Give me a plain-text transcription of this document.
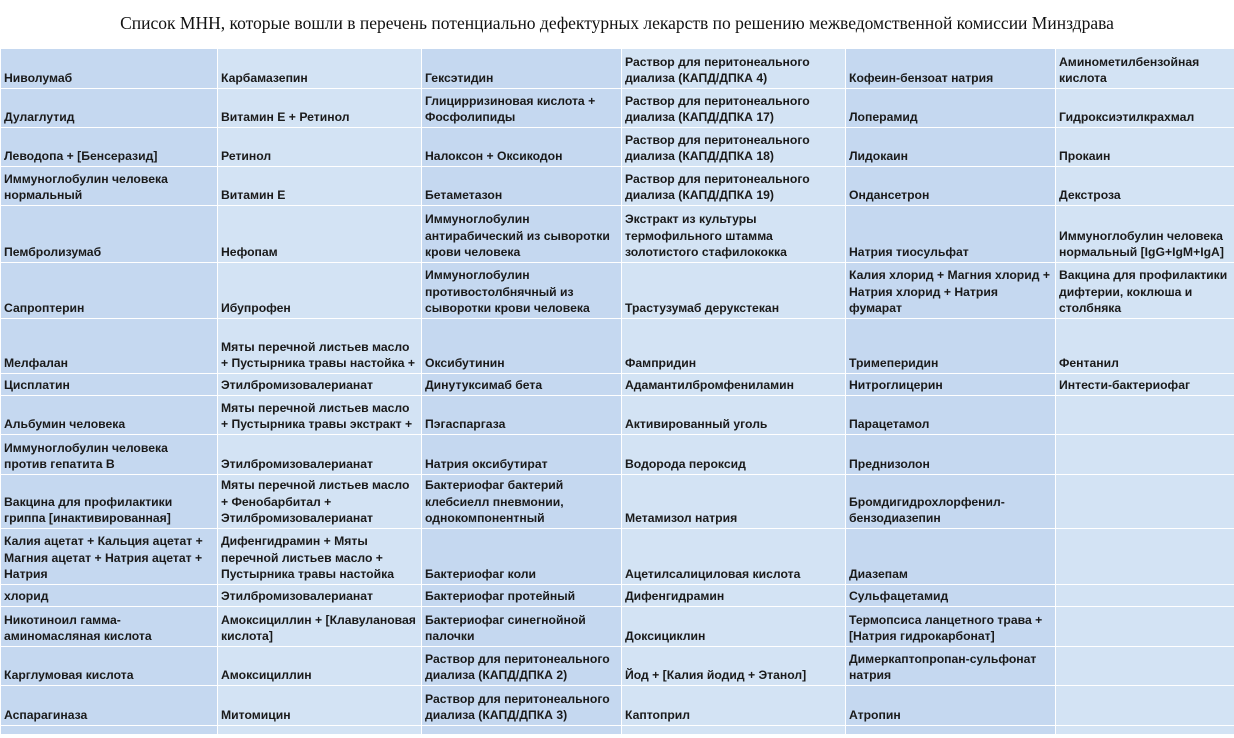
Список МНН, которые вошли в перечень потенциально дефектурных лекарств по решению межведомственной комиссии Минздрава
Ниволумаб	Карбамазепин	Гексэтидин	Раствор для перитонеального диализа (КАПД/ДПКА 4)	Кофеин-бензоат натрия	Аминометилбензойная кислота
Дулаглутид	Витамин Е + Ретинол	Глицирризиновая кислота + Фосфолипиды	Раствор для перитонеального диализа (КАПД/ДПКА 17)	Лоперамид	Гидроксиэтилкрахмал
Леводопа + [Бенсеразид]	Ретинол	Налоксон + Оксикодон	Раствор для перитонеального диализа (КАПД/ДПКА 18)	Лидокаин	Прокаин
Иммуноглобулин человека нормальный	Витамин Е	Бетаметазон	Раствор для перитонеального диализа (КАПД/ДПКА 19)	Ондансетрон	Декстроза
Пембролизумаб	Нефопам	Иммуноглобулин антирабический из сыворотки крови человека	Экстракт из культуры термофильного штамма золотистого стафилококка	Натрия тиосульфат	Иммуноглобулин человека нормальный [IgG+IgM+IgA]
Сапроптерин	Ибупрофен	Иммуноглобулин противостолбнячный из сыворотки крови человека	Трастузумаб дерукстекан	Калия хлорид + Магния хлорид + Натрия хлорид + Натрия фумарат	Вакцина для профилактики дифтерии, коклюша и столбняка
Мелфалан	Мяты перечной листьев масло + Пустырника травы настойка +	Оксибутинин	Фампридин	Тримеперидин	Фентанил
Цисплатин	Этилбромизовалерианат	Динутуксимаб бета	Адамантилбромфениламин	Нитроглицерин	Интести-бактериофаг
Альбумин человека	Мяты перечной листьев масло + Пустырника травы экстракт +	Пэгаспаргаза	Активированный уголь	Парацетамол	
Иммуноглобулин человека против гепатита B	Этилбромизовалерианат	Натрия оксибутират	Водорода пероксид	Преднизолон	
Вакцина для профилактики гриппа [инактивированная]	Мяты перечной листьев масло + Фенобарбитал + Этилбромизовалерианат	Бактериофаг бактерий клебсиелл пневмонии, однокомпонентный	Метамизол натрия	Бромдигидрохлорфенил-бензодиазепин	
Калия ацетат + Кальция ацетат + Магния ацетат + Натрия ацетат + Натрия	Дифенгидрамин + Мяты перечной листьев масло + Пустырника травы настойка	Бактериофаг коли	Ацетилсалициловая кислота	Диазепам	
хлорид	Этилбромизовалерианат	Бактериофаг протейный	Дифенгидрамин	Сульфацетамид	
Никотиноил гамма-аминомасляная кислота	Амоксициллин + [Клавулановая кислота]	Бактериофаг синегнойной палочки	Доксициклин	Термопсиса ланцетного трава + [Натрия гидрокарбонат]	
Карглумовая кислота	Амоксициллин	Раствор для перитонеального диализа (КАПД/ДПКА 2)	Йод + [Калия йодид + Этанол]	Димеркаптопропан-сульфонат натрия	
Аспарагиназа	Митомицин	Раствор для перитонеального диализа (КАПД/ДПКА 3)	Каптоприл	Атропин	
